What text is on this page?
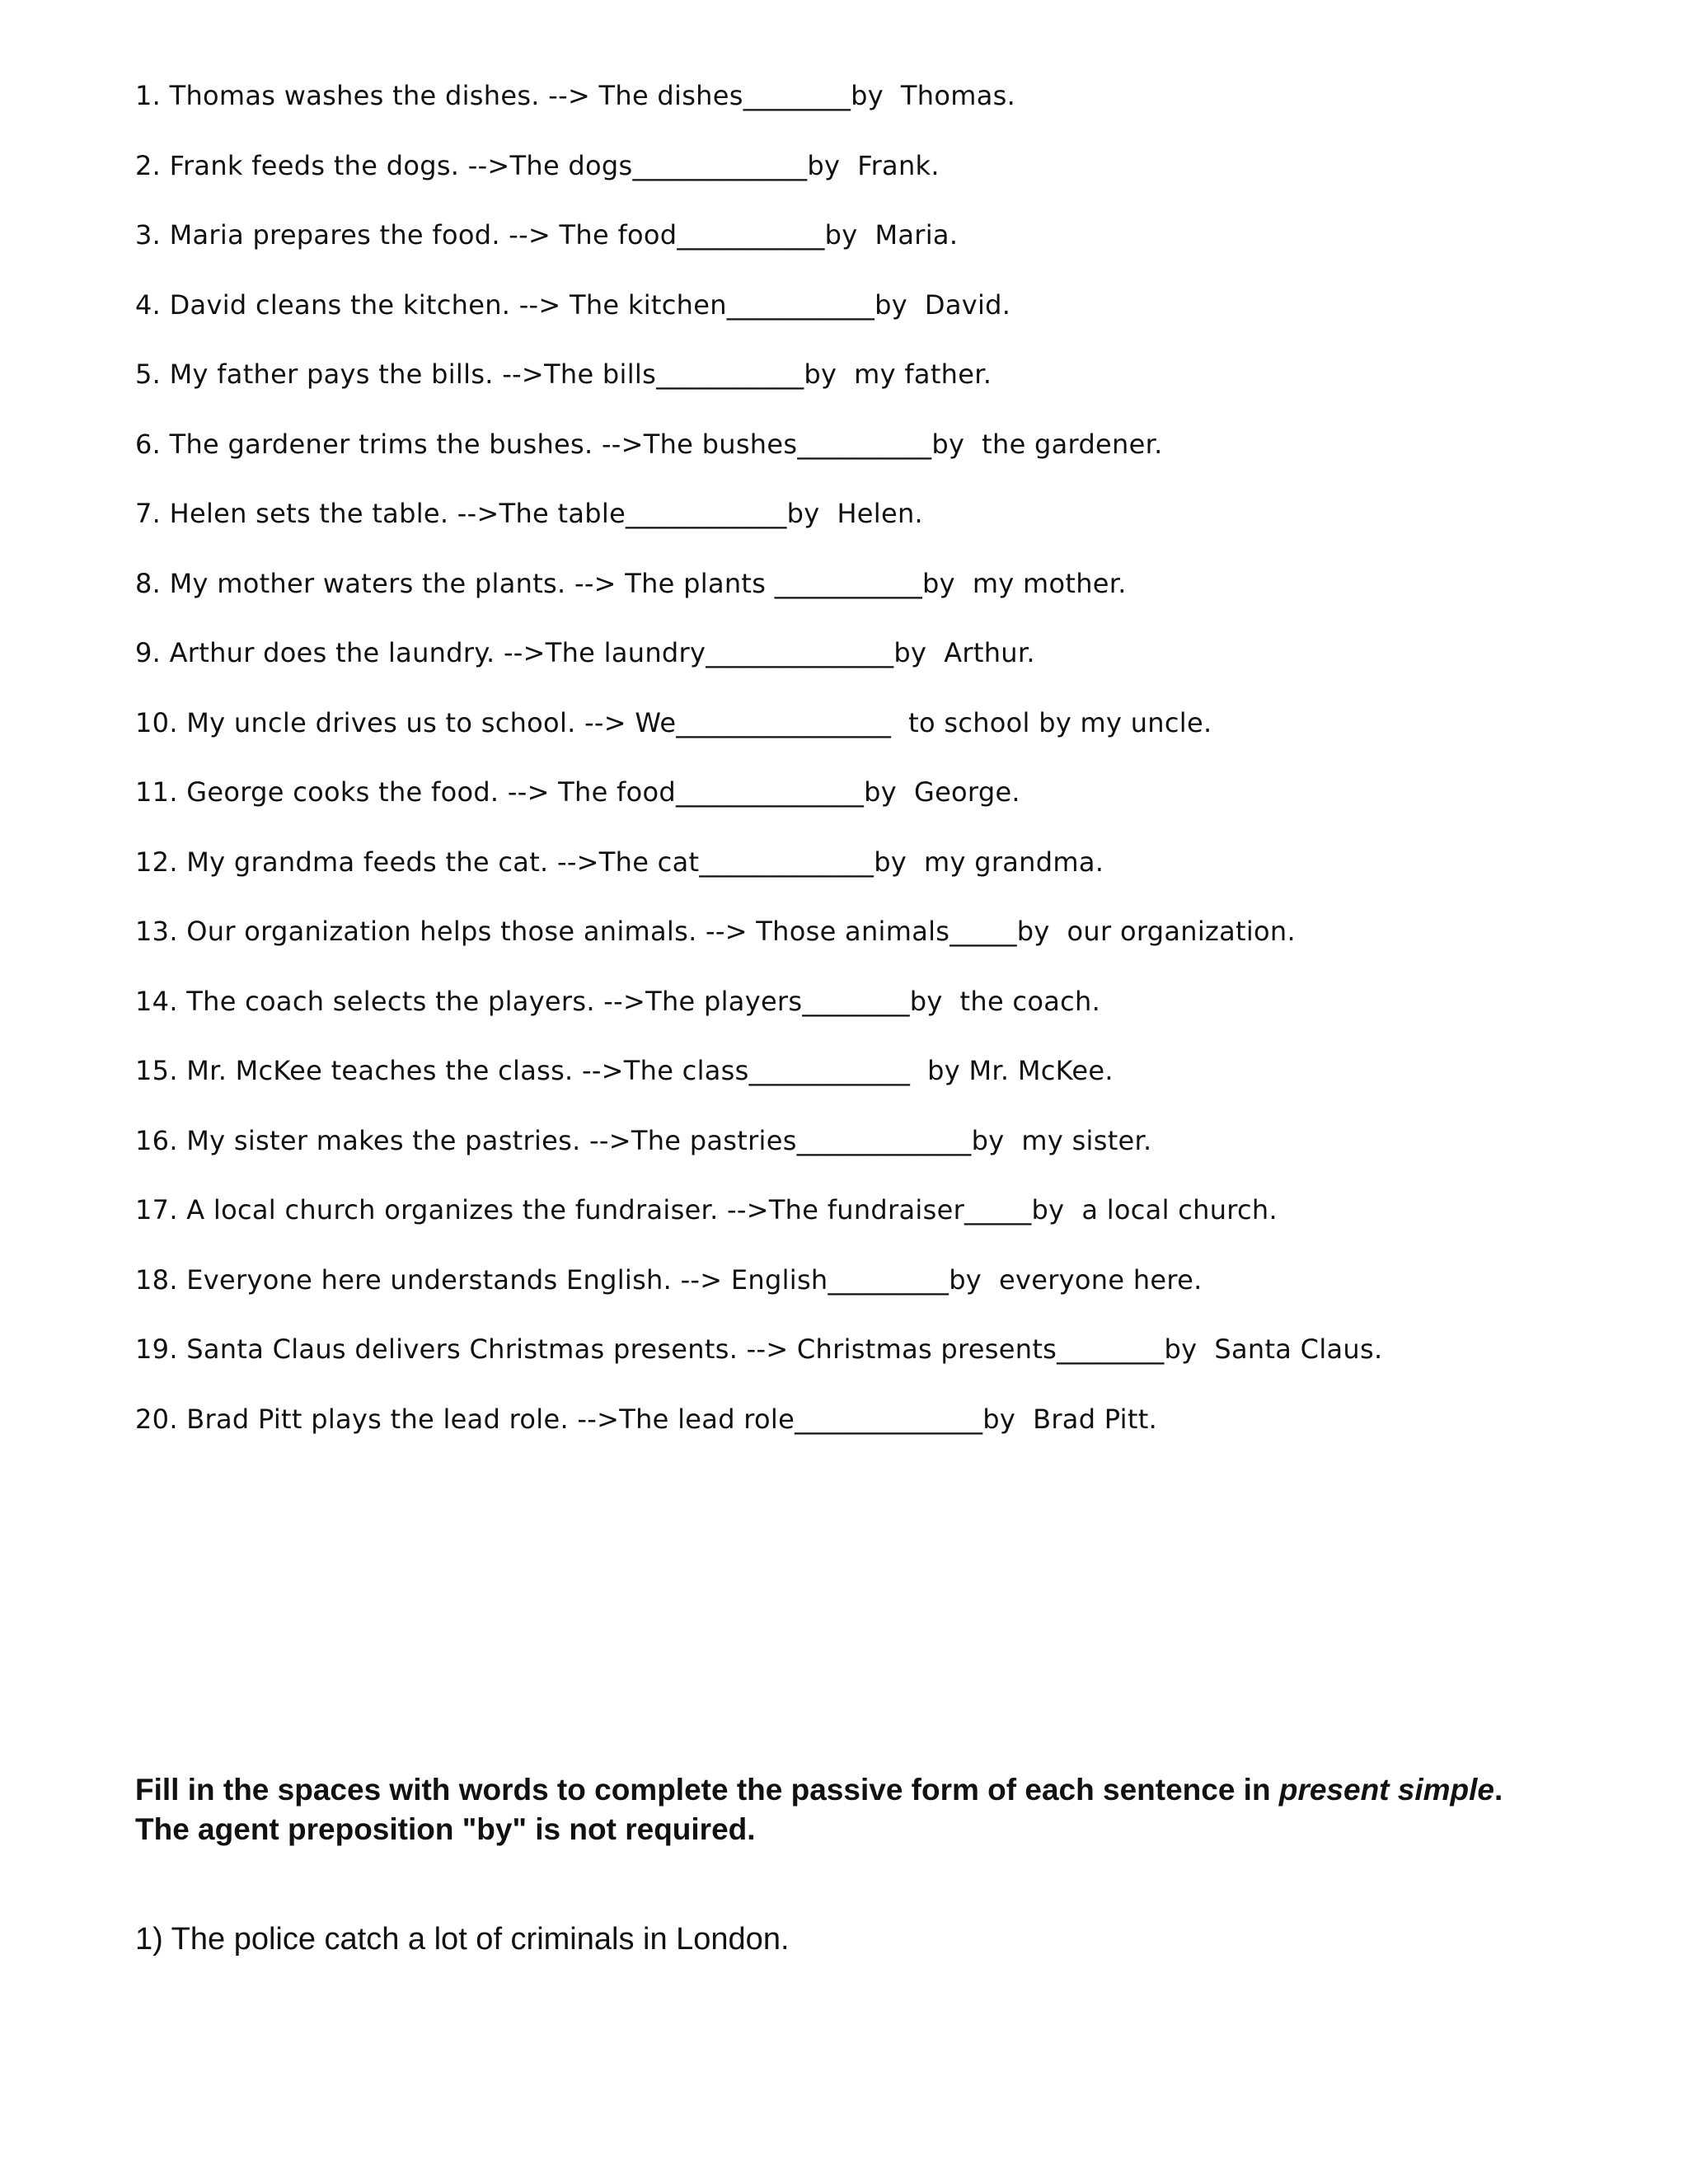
1. Thomas washes the dishes. --> The dishes________by  Thomas.
2. Frank feeds the dogs. -->The dogs_____________by  Frank.
3. Maria prepares the food. --> The food___________by  Maria.
4. David cleans the kitchen. --> The kitchen___________by  David.
5. My father pays the bills. -->The bills___________by  my father.
6. The gardener trims the bushes. -->The bushes__________by  the gardener.
7. Helen sets the table. -->The table____________by  Helen.
8. My mother waters the plants. --> The plants ___________by  my mother.
9. Arthur does the laundry. -->The laundry______________by  Arthur.
10. My uncle drives us to school. --> We________________  to school by my uncle.
11. George cooks the food. --> The food______________by  George.
12. My grandma feeds the cat. -->The cat_____________by  my grandma.
13. Our organization helps those animals. --> Those animals_____by  our organization.
14. The coach selects the players. -->The players________by  the coach.
15. Mr. McKee teaches the class. -->The class____________  by Mr. McKee.
16. My sister makes the pastries. -->The pastries_____________by  my sister.
17. A local church organizes the fundraiser. -->The fundraiser_____by  a local church.
18. Everyone here understands English. --> English_________by  everyone here.
19. Santa Claus delivers Christmas presents. --> Christmas presents________by  Santa Claus.
20. Brad Pitt plays the lead role. -->The lead role______________by  Brad Pitt.

Fill in the spaces with words to complete the passive form of each sentence in present simple. The agent preposition "by" is not required.

1) The police catch a lot of criminals in London.
